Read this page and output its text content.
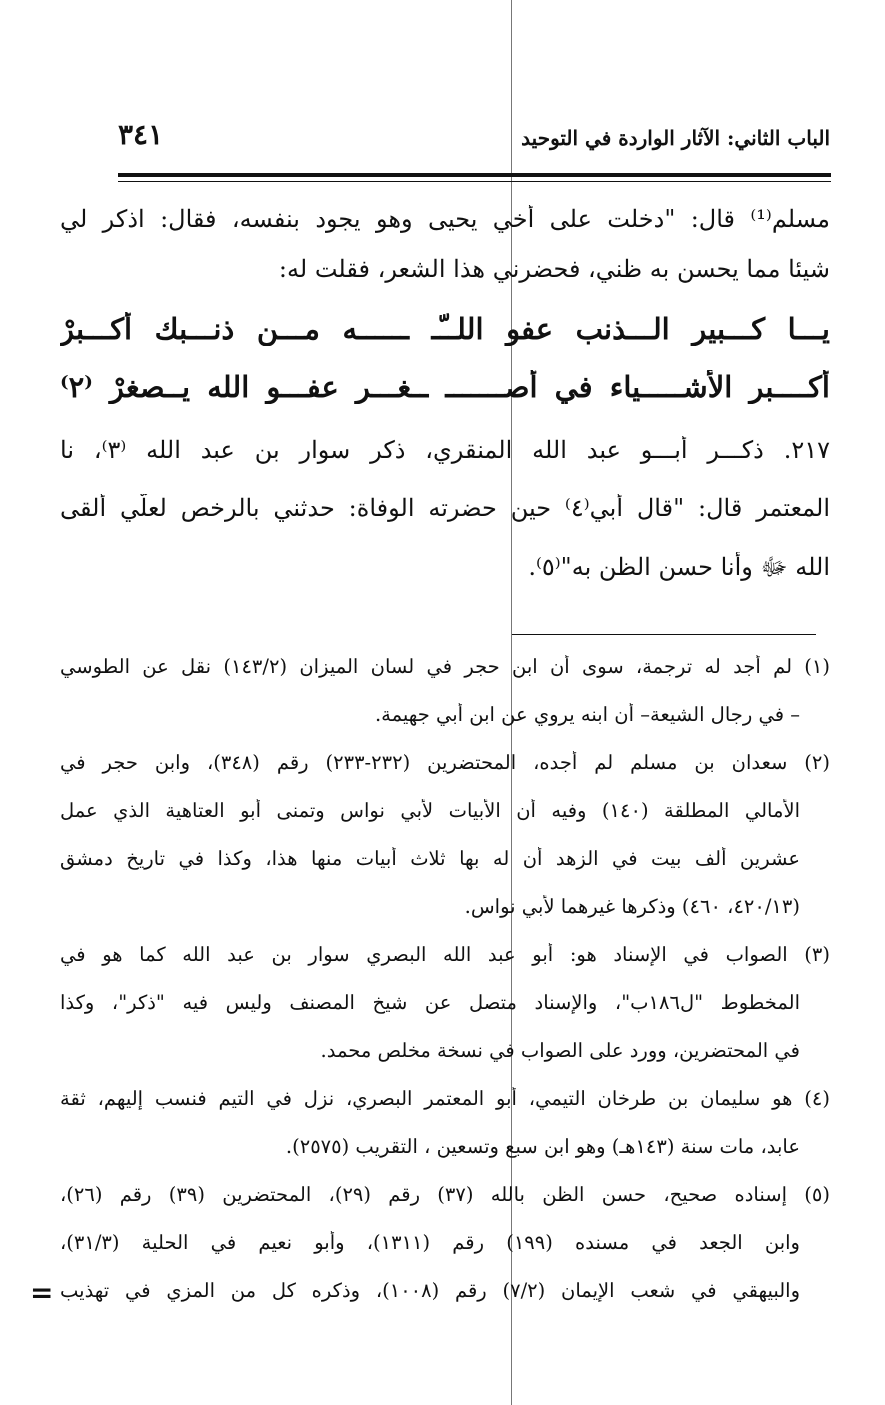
الباب الثاني: الآثار الواردة في التوحيد
٣٤١
مسلم⁽¹⁾ قال: "دخلت على أخي يحيى وهو يجود بنفسه، فقال: اذكر لي
شيئا مما يحسن به ظني، فحضرني هذا الشعر، فقلت له:
يـــا كـــبير الـــذنب عفو اللــّـ ــــــه مـــن ذنـــبك أكـــبرْ
أكــــبر الأشـــــياء في أصـــــــ ــغـــر عفـــو الله يــصغرْ ⁽٢⁾
٢١٧. ذكـــر أبـــو عبد الله المنقري، ذكر سوار بن عبد الله ⁽٣⁾، نا
المعتمر قال: "قال أبي⁽٤⁾ حين حضرته الوفاة: حدثني بالرخص لعلّي ألقى
الله ﷻ وأنا حسن الظن به"⁽٥⁾.
(١) لم أجد له ترجمة، سوى أن ابن حجر في لسان الميزان (١٤٣/٢) نقل عن الطوسي
– في رجال الشيعة– أن ابنه يروي عن ابن أبي جهيمة.
(٢) سعدان بن مسلم لم أجده، المحتضرين (٢٣٢-٢٣٣) رقم (٣٤٨)، وابن حجر في
الأمالي المطلقة (١٤٠) وفيه أن الأبيات لأبي نواس وتمنى أبو العتاهية الذي عمل
عشرين ألف بيت في الزهد أن له بها ثلاث أبيات منها هذا، وكذا في تاريخ دمشق
(٤٢٠/١٣، ٤٦٠) وذكرها غيرهما لأبي نواس.
(٣) الصواب في الإسناد هو: أبو عبد الله البصري سوار بن عبد الله كما هو في
المخطوط "ل١٨٦ب"، والإسناد متصل عن شيخ المصنف وليس فيه "ذكر"، وكذا
في المحتضرين، وورد على الصواب في نسخة مخلص محمد.
(٤) هو سليمان بن طرخان التيمي، أبو المعتمر البصري، نزل في التيم فنسب إليهم، ثقة
عابد، مات سنة (١٤٣هـ) وهو ابن سبع وتسعين ، التقريب (٢٥٧٥).
(٥) إسناده صحيح، حسن الظن بالله (٣٧) رقم (٢٩)، المحتضرين (٣٩) رقم (٢٦)،
وابن الجعد في مسنده (١٩٩) رقم (١٣١١)، وأبو نعيم في الحلية (٣١/٣)،
والبيهقي في شعب الإيمان (٧/٢) رقم (١٠٠٨)، وذكره كل من المزي في تهذيب
=
